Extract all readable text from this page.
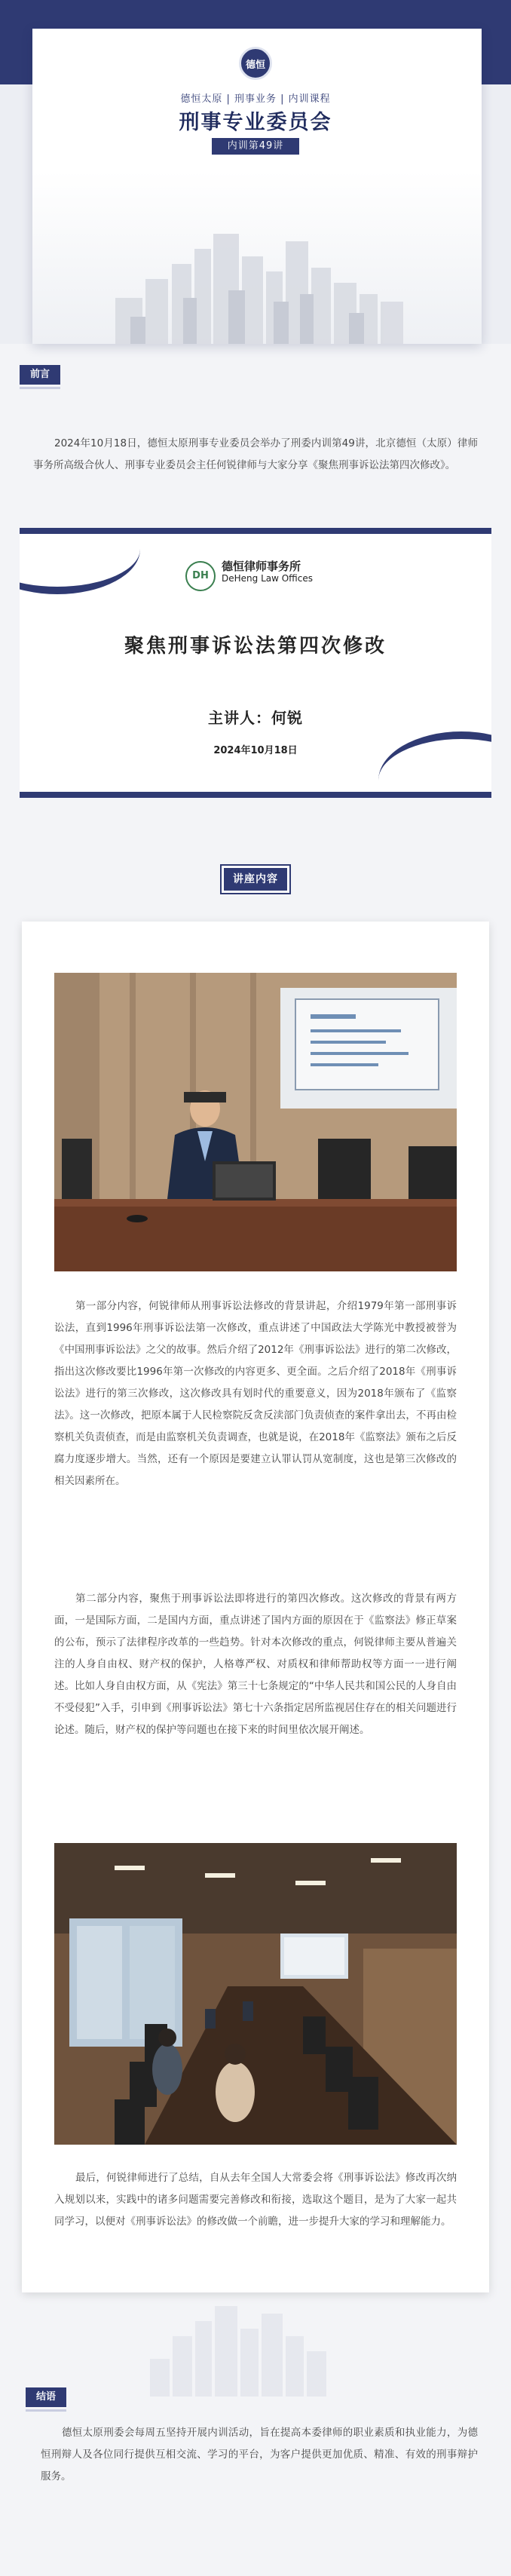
德恒
德恒太原 | 刑事业务 | 内训课程
刑事专业委员会
内训第49讲
前言

2024年10月18日，德恒太原刑事专业委员会举办了刑委内训第49讲，北京德恒（太原）律师事务所高级合伙人、刑事专业委员会主任何锐律师与大家分享《聚焦刑事诉讼法第四次修改》。

DH
德恒律师事务所
DeHeng Law Offices
聚焦刑事诉讼法第四次修改
主讲人：何锐
2024年10月18日
讲座内容

第一部分内容，何锐律师从刑事诉讼法修改的背景讲起，介绍1979年第一部刑事诉讼法，直到1996年刑事诉讼法第一次修改，重点讲述了中国政法大学陈光中教授被誉为《中国刑事诉讼法》之父的故事。然后介绍了2012年《刑事诉讼法》进行的第二次修改，指出这次修改要比1996年第一次修改的内容更多、更全面。之后介绍了2018年《刑事诉讼法》进行的第三次修改，这次修改具有划时代的重要意义，因为2018年颁布了《监察法》。这一次修改，把原本属于人民检察院反贪反渎部门负责侦查的案件拿出去，不再由检察机关负责侦查，而是由监察机关负责调查，也就是说，在2018年《监察法》颁布之后反腐力度逐步增大。当然，还有一个原因是要建立认罪认罚从宽制度，这也是第三次修改的相关因素所在。

第二部分内容，聚焦于刑事诉讼法即将进行的第四次修改。这次修改的背景有两方面，一是国际方面，二是国内方面，重点讲述了国内方面的原因在于《监察法》修正草案的公布，预示了法律程序改革的一些趋势。针对本次修改的重点，何锐律师主要从普遍关注的人身自由权、财产权的保护，人格尊严权、对质权和律师帮助权等方面一一进行阐述。比如人身自由权方面，从《宪法》第三十七条规定的“中华人民共和国公民的人身自由不受侵犯”入手，引申到《刑事诉讼法》第七十六条指定居所监视居住存在的相关问题进行论述。随后，财产权的保护等问题也在接下来的时间里依次展开阐述。

最后，何锐律师进行了总结，自从去年全国人大常委会将《刑事诉讼法》修改再次纳入规划以来，实践中的诸多问题需要完善修改和衔接，选取这个题目，是为了大家一起共同学习，以便对《刑事诉讼法》的修改做一个前瞻，进一步提升大家的学习和理解能力。

结语

德恒太原刑委会每周五坚持开展内训活动，旨在提高本委律师的职业素质和执业能力，为德恒刑辩人及各位同行提供互相交流、学习的平台，为客户提供更加优质、精准、有效的刑事辩护服务。
